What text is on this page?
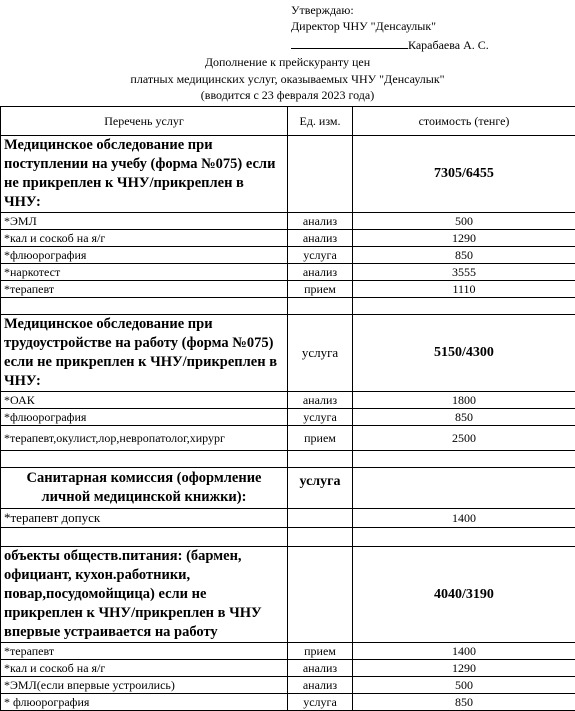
Утверждаю:
Директор ЧНУ "Денсаулык"
Карабаева А. С.
Дополнение к прейскуранту цен
платных медицинских услуг, оказываемых ЧНУ "Денсаулык"
(вводится с 23 февраля 2023 года)
Перечень услуг	Ед. изм.	стоимость (тенге)
Медицинское обследование при поступлении на учебу (форма №075) если не прикреплен к ЧНУ/прикреплен в ЧНУ:		7305/6455
*ЭМЛ	анализ	500
*кал и соскоб на я/г	анализ	1290
*флюорография	услуга	850
*наркотест	анализ	3555
*терапевт	прием	1110

Медицинское обследование при трудоустройстве на работу (форма №075) если не прикреплен к ЧНУ/прикреплен в ЧНУ:	услуга	5150/4300
*ОАК	анализ	1800
*флюорография	услуга	850
*терапевт,окулист,лор,невропатолог,хирург	прием	2500

Санитарная комиссия (оформление личной медицинской книжки):	услуга	
*терапевт допуск		1400

объекты обществ.питания: (бармен, официант, кухон.работники, повар,посудомойщица) если не прикреплен к ЧНУ/прикреплен в ЧНУ впервые устраивается на работу		4040/3190
*терапевт	прием	1400
*кал и соскоб на я/г	анализ	1290
*ЭМЛ(если впервые устроились)	анализ	500
* флюорография	услуга	850
